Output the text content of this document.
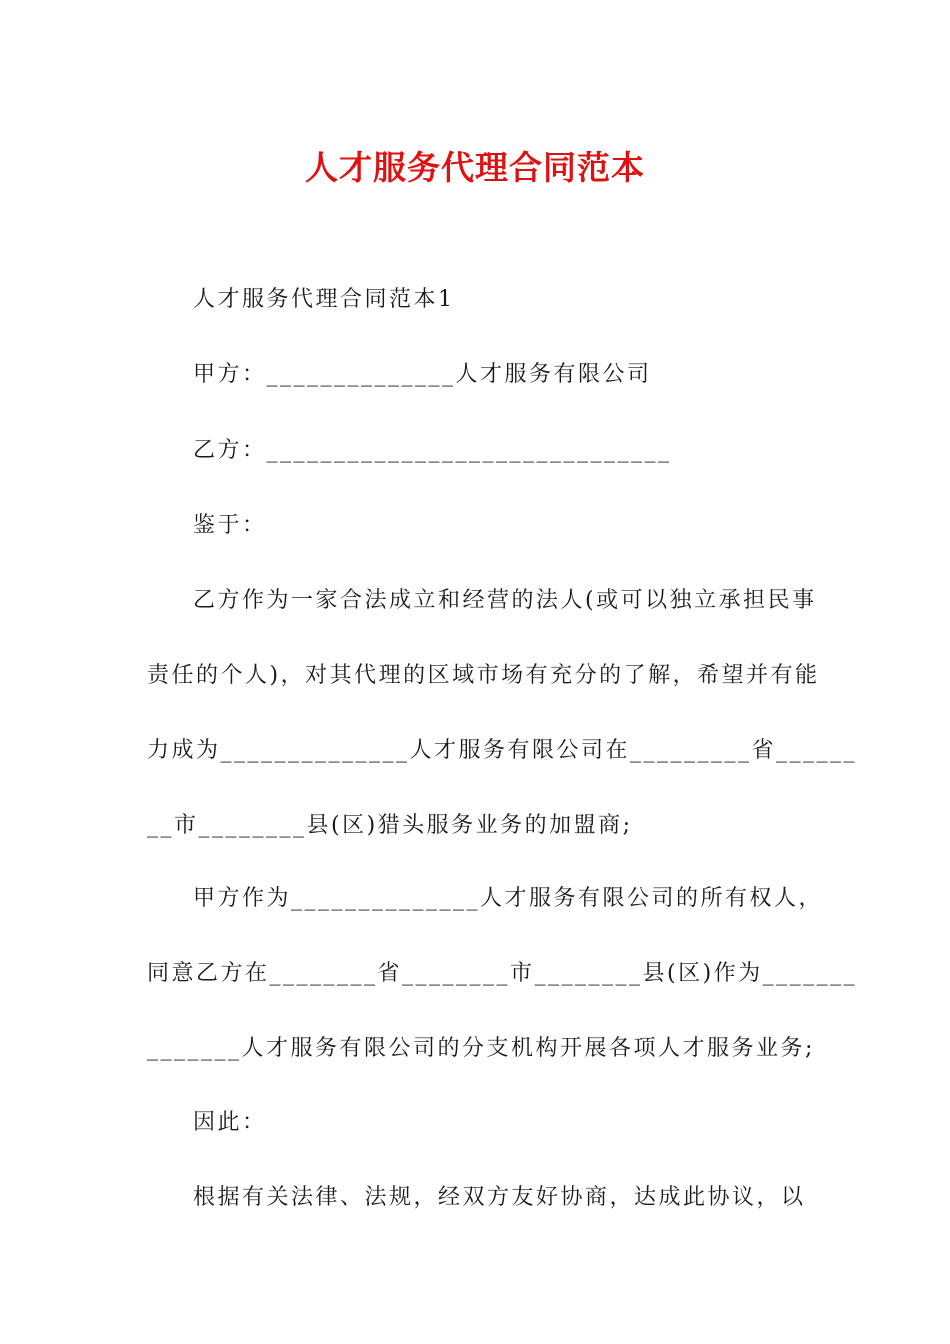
人才服务代理合同范本
人才服务代理合同范本1
甲方：______________人才服务有限公司
乙方：______________________________
鉴于：
乙方作为一家合法成立和经营的法人(或可以独立承担民事
责任的个人)，对其代理的区域市场有充分的了解，希望并有能
力成为______________人才服务有限公司在_________省______
__市________县(区)猎头服务业务的加盟商;
甲方作为______________人才服务有限公司的所有权人，
同意乙方在________省________市________县(区)作为_______
_______人才服务有限公司的分支机构开展各项人才服务业务;
因此：
根据有关法律、法规，经双方友好协商，达成此协议，以
